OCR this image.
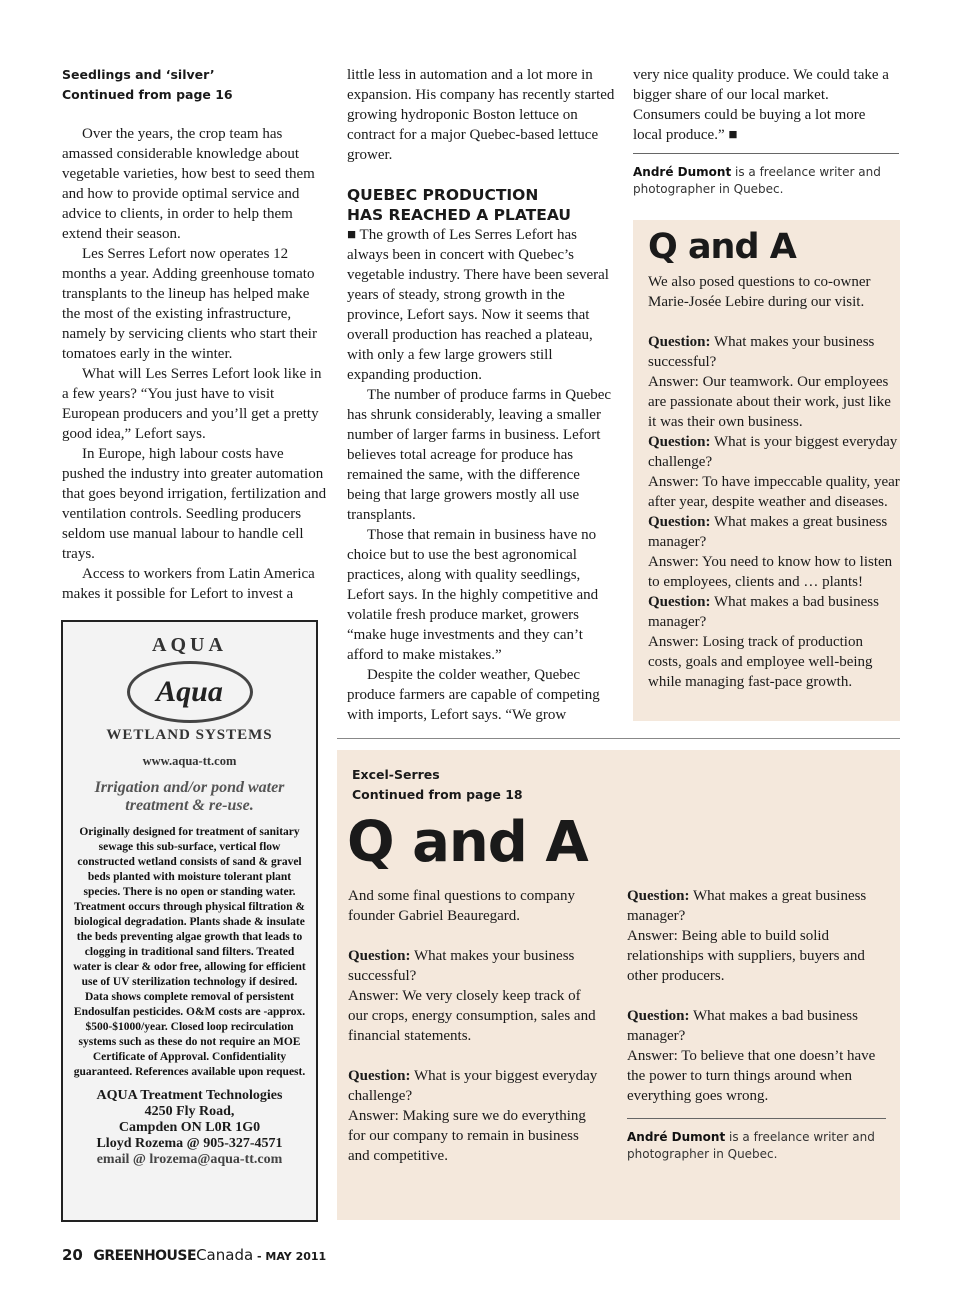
Seedlings and ‘silver’
Continued from page 16

Over the years, the crop team has amassed considerable knowledge about vegetable varieties, how best to seed them and how to provide optimal service and advice to clients, in order to help them extend their season.

Les Serres Lefort now operates 12 months a year. Adding greenhouse tomato transplants to the lineup has helped make the most of the existing infrastructure, namely by servicing clients who start their tomatoes early in the winter.

What will Les Serres Lefort look like in a few years? “You just have to visit European producers and you’ll get a pretty good idea,” Lefort says.

In Europe, high labour costs have pushed the industry into greater automation that goes beyond irrigation, fertilization and ventilation controls. Seedling producers seldom use manual labour to handle cell trays.

Access to workers from Latin America makes it possible for Lefort to invest a

AQUA
Aqua
WETLAND SYSTEMS
www.aqua-tt.com
Irrigation and/or pond water
treatment & re-use.
Originally designed for treatment of sanitary sewage this sub-surface, vertical flow constructed wetland consists of sand & gravel beds planted with moisture tolerant plant species. There is no open or standing water. Treatment occurs through physical filtration & biological degradation. Plants shade & insulate the beds preventing algae growth that leads to clogging in traditional sand filters. Treated water is clear & odor free, allowing for efficient use of UV sterilization technology if desired. Data shows complete removal of persistent Endosulfan pesticides. O&M costs are -approx. $500-$1000/year. Closed loop recirculation systems such as these do not require an MOE Certificate of Approval. Confidentiality guaranteed. References available upon request.
AQUA Treatment Technologies
4250 Fly Road,
Campden ON L0R 1G0
Lloyd Rozema @ 905-327-4571
email @ lrozema@aqua-tt.com

little less in automation and a lot more in expansion. His company has recently started growing hydroponic Boston lettuce on contract for a major Quebec-based lettuce grower.

QUEBEC PRODUCTION
HAS REACHED A PLATEAU

■ The growth of Les Serres Lefort has always been in concert with Quebec’s vegetable industry. There have been several years of steady, strong growth in the province, Lefort says. Now it seems that overall production has reached a plateau, with only a few large growers still expanding production.

The number of produce farms in Quebec has shrunk considerably, leaving a smaller number of larger farms in business. Lefort believes total acreage for produce has remained the same, with the difference being that large growers mostly all use transplants.

Those that remain in business have no choice but to use the best agronomical practices, along with quality seedlings, Lefort says. In the highly competitive and volatile fresh produce market, growers “make huge investments and they can’t afford to make mistakes.”

Despite the colder weather, Quebec produce farmers are capable of competing with imports, Lefort says. “We grow

very nice quality produce. We could take a bigger share of our local market. Consumers could be buying a lot more local produce.” ■

André Dumont is a freelance writer and photographer in Quebec.
Q and A

We also posed questions to co-owner Marie-Josée Lebire during our visit.

Question: What makes your business successful?

Answer: Our teamwork. Our employees are passionate about their work, just like it was their own business.

Question: What is your biggest everyday challenge?

Answer: To have impeccable quality, year after year, despite weather and diseases.

Question: What makes a great business manager?

Answer: You need to know how to listen to employees, clients and … plants!

Question: What makes a bad business manager?

Answer: Losing track of production costs, goals and employee well-being while managing fast-pace growth.

Excel-Serres
Continued from page 18
Q and A

And some final questions to company founder Gabriel Beauregard.

Question: What makes your business successful?

Answer: We very closely keep track of our crops, energy consumption, sales and financial statements.

Question: What is your biggest everyday challenge?

Answer: Making sure we do everything for our company to remain in business and competitive.

Question: What makes a great business manager?

Answer: Being able to build solid relationships with suppliers, buyers and other producers.

Question: What makes a bad business manager?

Answer: To believe that one doesn’t have the power to turn things around when everything goes wrong.

André Dumont is a freelance writer and photographer in Quebec.
20 GREENHOUSECanada - MAY 2011
